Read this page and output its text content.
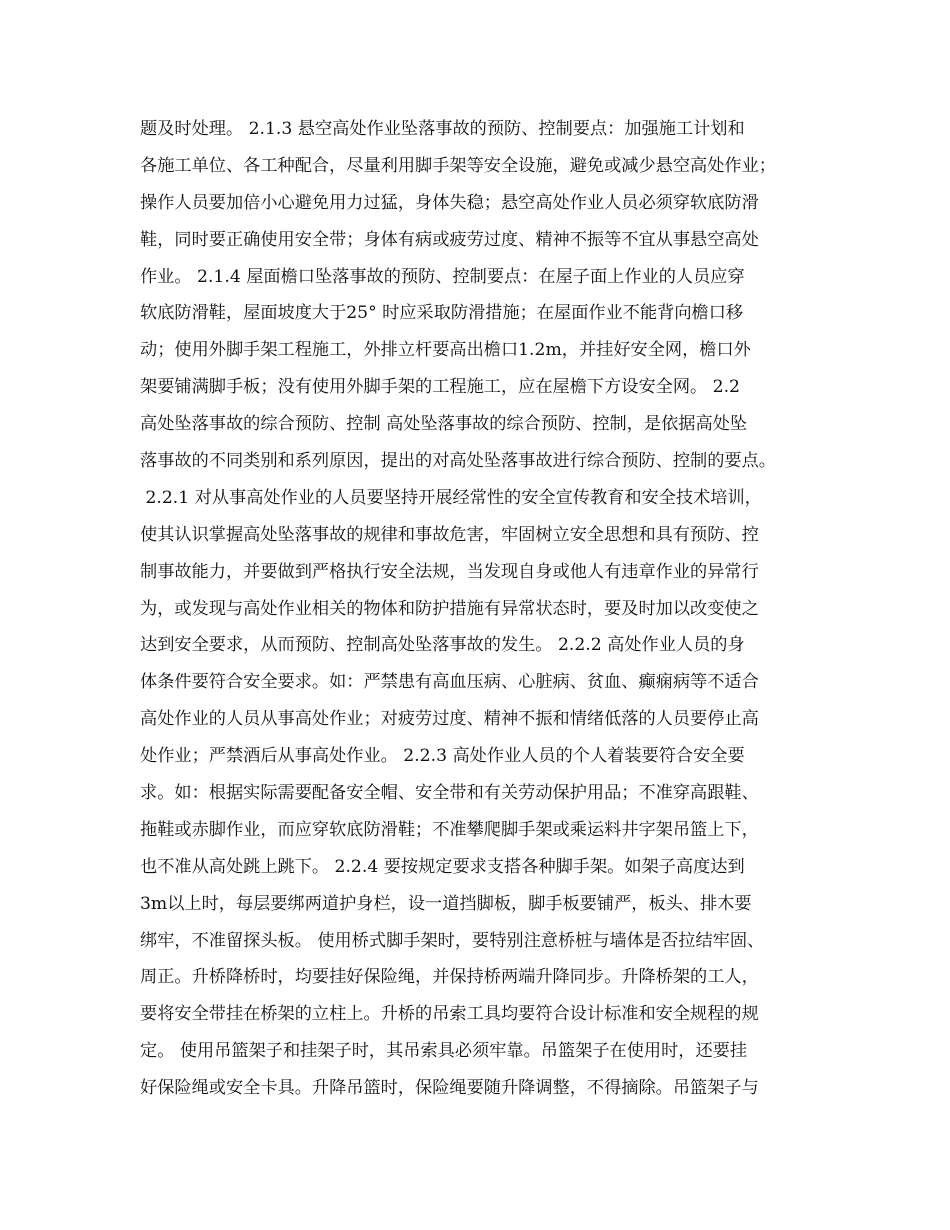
题及时处理。 2.1.3 悬空高处作业坠落事故的预防、控制要点：加强施工计划和
各施工单位、各工种配合，尽量利用脚手架等安全设施，避免或减少悬空高处作业；
操作人员要加倍小心避免用力过猛，身体失稳；悬空高处作业人员必须穿软底防滑
鞋，同时要正确使用安全带；身体有病或疲劳过度、精神不振等不宜从事悬空高处
作业。 2.1.4 屋面檐口坠落事故的预防、控制要点：在屋子面上作业的人员应穿
软底防滑鞋，屋面坡度大于25° 时应采取防滑措施；在屋面作业不能背向檐口移
动；使用外脚手架工程施工，外排立杆要高出檐口1.2m，并挂好安全网，檐口外
架要铺满脚手板；没有使用外脚手架的工程施工，应在屋檐下方设安全网。 2.2
高处坠落事故的综合预防、控制 高处坠落事故的综合预防、控制，是依据高处坠
落事故的不同类别和系列原因，提出的对高处坠落事故进行综合预防、控制的要点。
2.2.1 对从事高处作业的人员要坚持开展经常性的安全宣传教育和安全技术培训，
使其认识掌握高处坠落事故的规律和事故危害，牢固树立安全思想和具有预防、控
制事故能力，并要做到严格执行安全法规，当发现自身或他人有违章作业的异常行
为，或发现与高处作业相关的物体和防护措施有异常状态时，要及时加以改变使之
达到安全要求，从而预防、控制高处坠落事故的发生。 2.2.2 高处作业人员的身
体条件要符合安全要求。如：严禁患有高血压病、心脏病、贫血、癫痫病等不适合
高处作业的人员从事高处作业；对疲劳过度、精神不振和情绪低落的人员要停止高
处作业；严禁酒后从事高处作业。 2.2.3 高处作业人员的个人着装要符合安全要
求。如：根据实际需要配备安全帽、安全带和有关劳动保护用品；不准穿高跟鞋、
拖鞋或赤脚作业，而应穿软底防滑鞋；不准攀爬脚手架或乘运料井字架吊篮上下，
也不准从高处跳上跳下。 2.2.4 要按规定要求支搭各种脚手架。如架子高度达到
3m以上时，每层要绑两道护身栏，设一道挡脚板，脚手板要铺严，板头、排木要
绑牢，不准留探头板。 使用桥式脚手架时，要特别注意桥桩与墙体是否拉结牢固、
周正。升桥降桥时，均要挂好保险绳，并保持桥两端升降同步。升降桥架的工人，
要将安全带挂在桥架的立柱上。升桥的吊索工具均要符合设计标准和安全规程的规
定。 使用吊篮架子和挂架子时，其吊索具必须牢靠。吊篮架子在使用时，还要挂
好保险绳或安全卡具。升降吊篮时，保险绳要随升降调整，不得摘除。吊篮架子与
